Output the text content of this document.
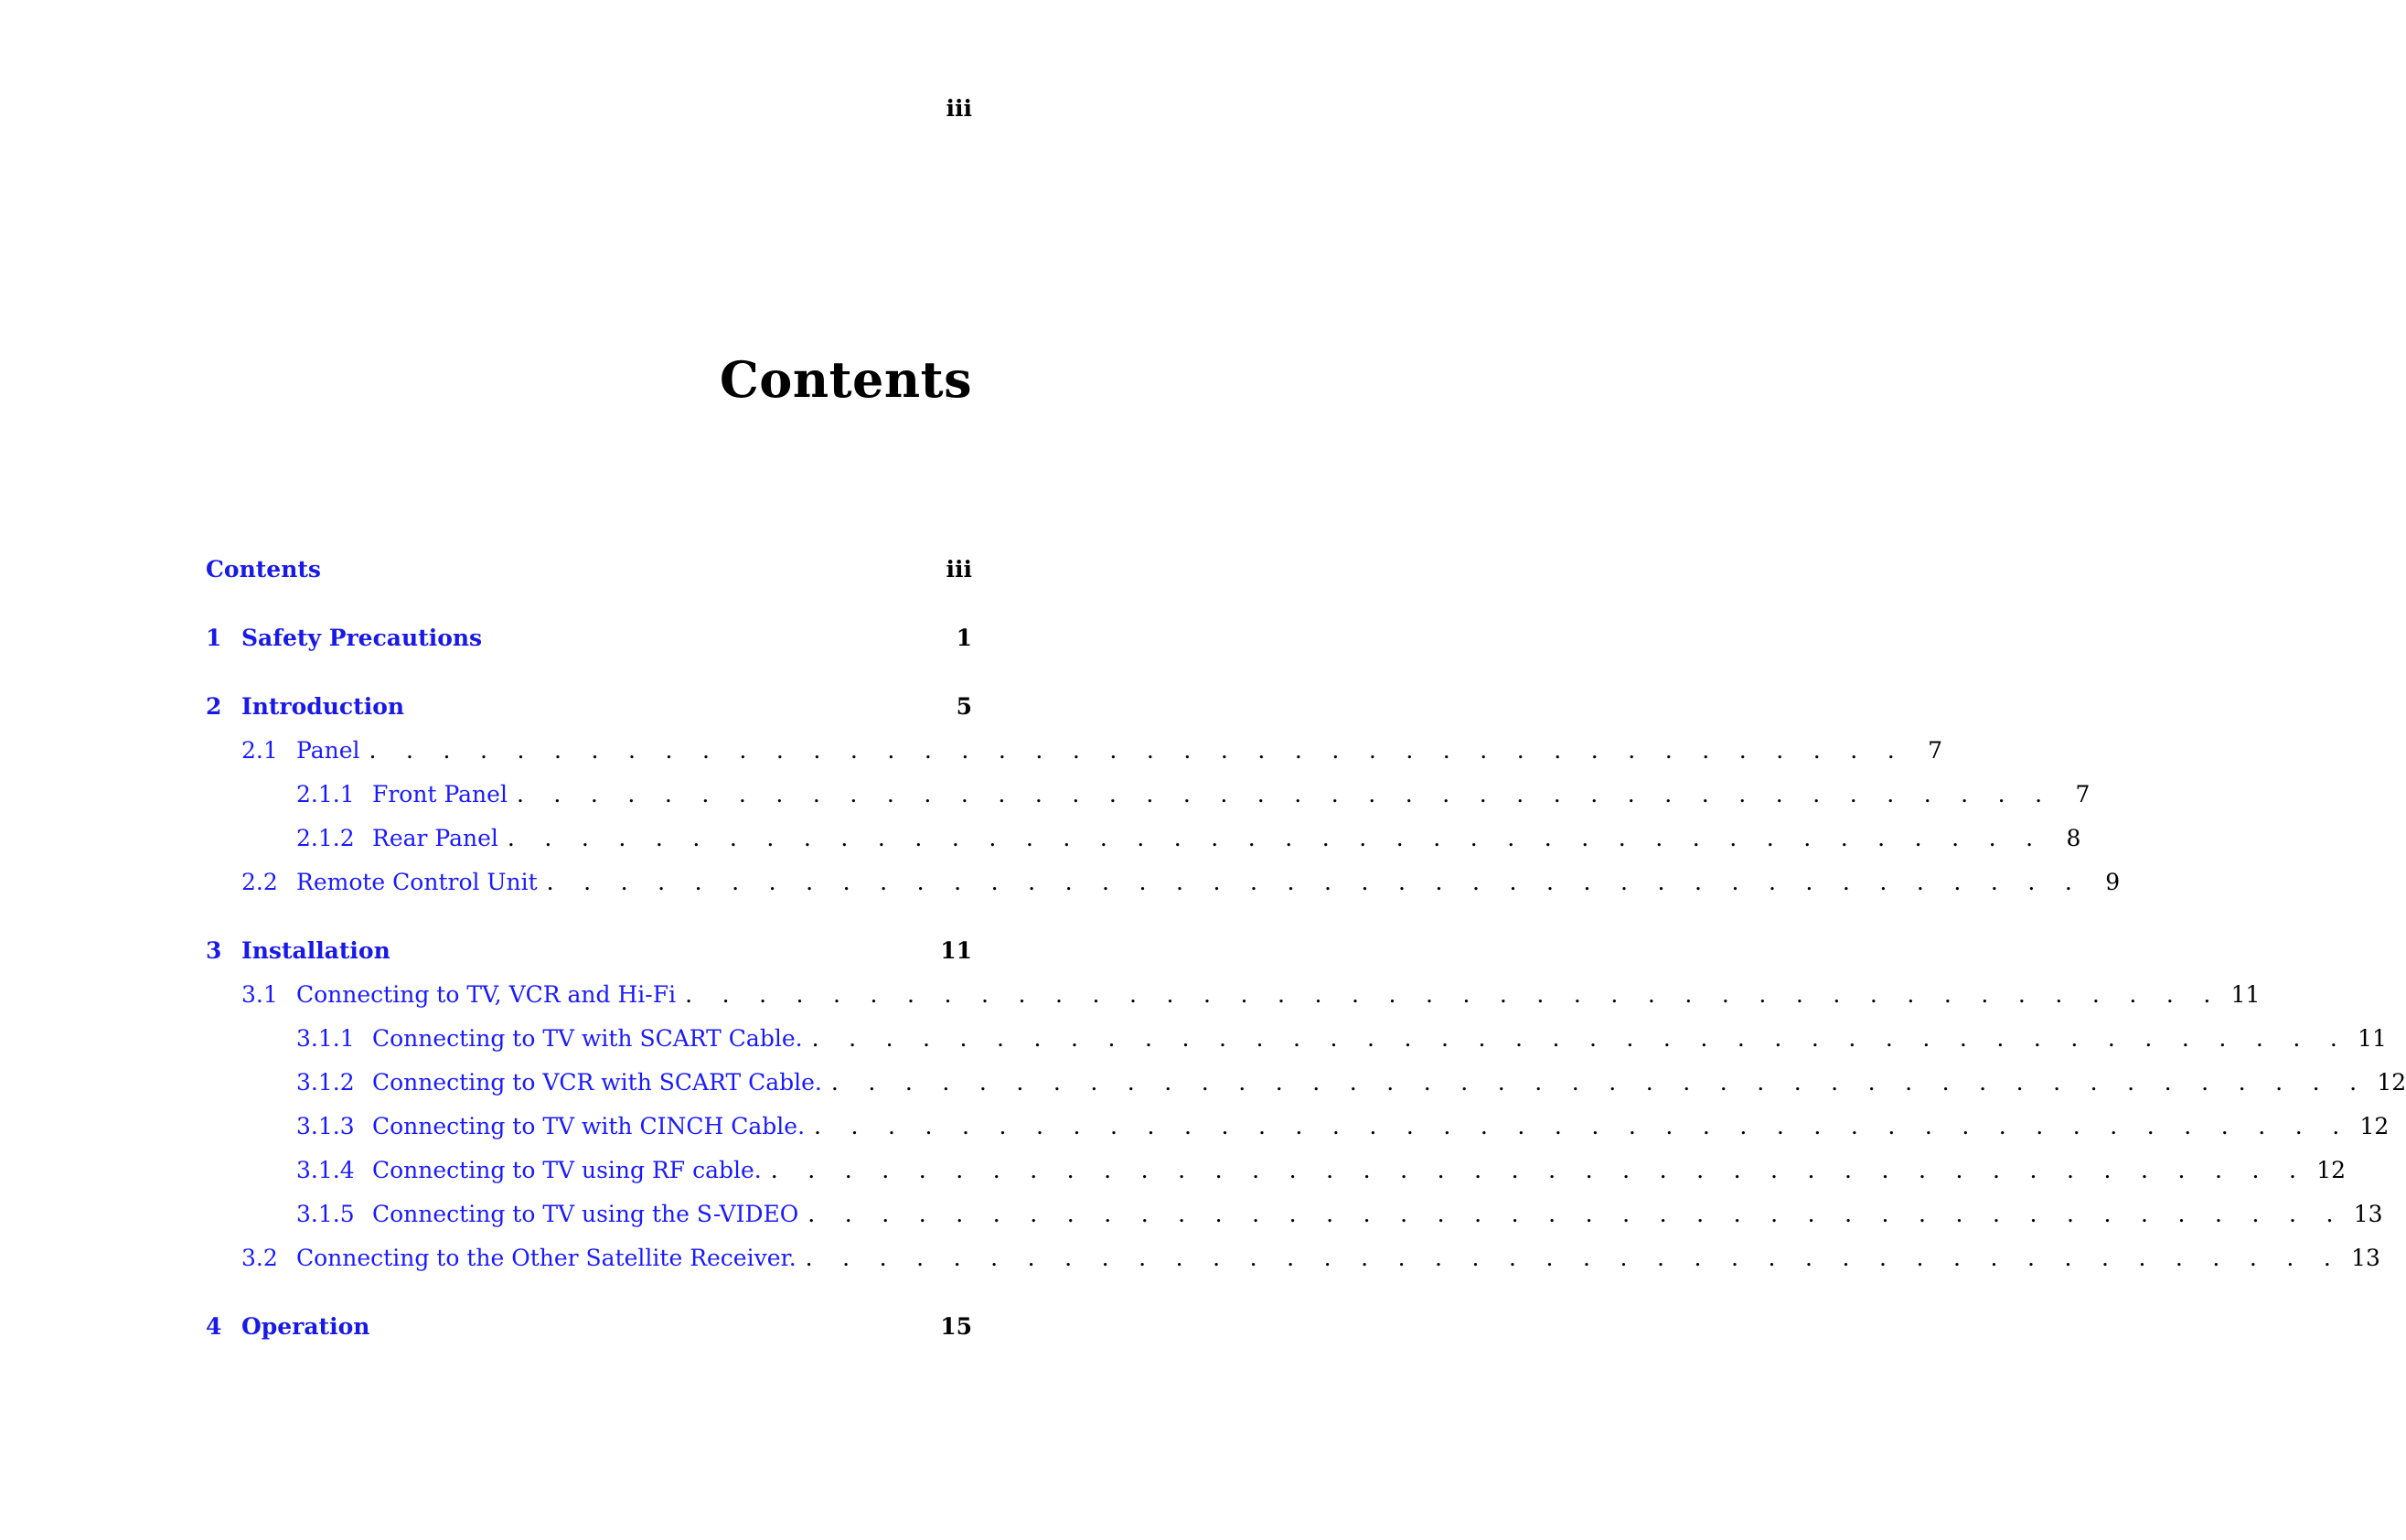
iii
Contents
Contents	iii
1 Safety Precautions	1
2 Introduction	5
2.1 Panel . . . . . . . . . . . . . . . . . . . . . . . . . . . . . . . . . . . . . . . . . . 7
2.1.1 Front Panel . . . . . . . . . . . . . . . . . . . . . . . . . . . . . . . . . . . . . . . . . . 7
2.1.2 Rear Panel . . . . . . . . . . . . . . . . . . . . . . . . . . . . . . . . . . . . . . . . . . 8
2.2 Remote Control Unit . . . . . . . . . . . . . . . . . . . . . . . . . . . . . . . . . . . . . . . . . . 9
3 Installation	11
3.1 Connecting to TV, VCR and Hi-Fi . . . . . . . . . . . . . . . . . . . . . . . . . . . . . . . . . . . . . . . . . . 11
3.1.1 Connecting to TV with SCART Cable. . . . . . . . . . . . . . . . . . . . . . . . . . . . . . . . . . . . . . . . . . . 11
3.1.2 Connecting to VCR with SCART Cable. . . . . . . . . . . . . . . . . . . . . . . . . . . . . . . . . . . . . . . . . . . 12
3.1.3 Connecting to TV with CINCH Cable. . . . . . . . . . . . . . . . . . . . . . . . . . . . . . . . . . . . . . . . . . . 12
3.1.4 Connecting to TV using RF cable. . . . . . . . . . . . . . . . . . . . . . . . . . . . . . . . . . . . . . . . . . . 12
3.1.5 Connecting to TV using the S-VIDEO . . . . . . . . . . . . . . . . . . . . . . . . . . . . . . . . . . . . . . . . . . 13
3.2 Connecting to the Other Satellite Receiver. . . . . . . . . . . . . . . . . . . . . . . . . . . . . . . . . . . . . . . . . . . 13
4 Operation	15
